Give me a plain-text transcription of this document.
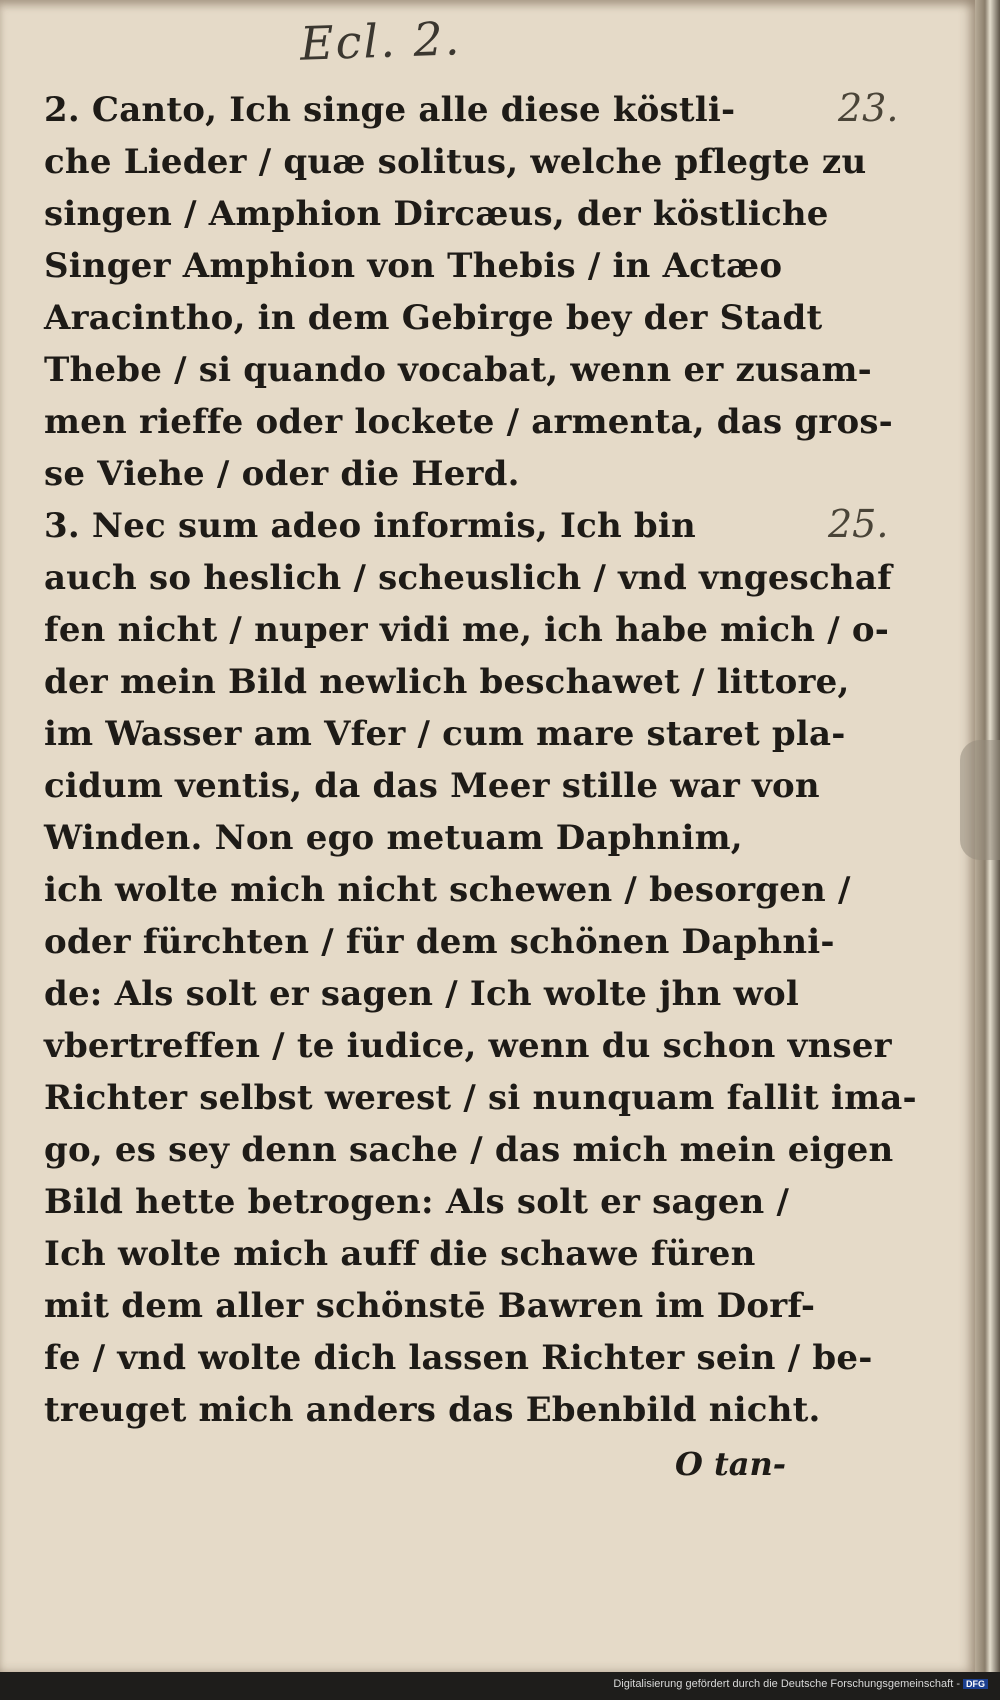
Ecl. 2.
23.
25.
2. Canto, Ich singe alle diese köstli-
che Lieder / quæ solitus, welche pflegte zu
singen / Amphion Dircæus, der köstliche
Singer Amphion von Thebis / in Actæo
Aracintho, in dem Gebirge bey der Stadt
Thebe / si quando vocabat, wenn er zusam-
men rieffe oder lockete / armenta, das gros-
se Viehe / oder die Herd.
3. Nec sum adeo informis, Ich bin
auch so heslich / scheuslich / vnd vngeschaf
fen nicht / nuper vidi me, ich habe mich / o-
der mein Bild newlich beschawet / littore,
im Wasser am Vfer / cum mare staret pla-
cidum ventis, da das Meer stille war von
Winden. Non ego metuam Daphnim,
ich wolte mich nicht schewen / besorgen /
oder fürchten / für dem schönen Daphni-
de: Als solt er sagen / Ich wolte jhn wol
vbertreffen / te iudice, wenn du schon vnser
Richter selbst werest / si nunquam fallit ima-
go, es sey denn sache / das mich mein eigen
Bild hette betrogen: Als solt er sagen /
Ich wolte mich auff die schawe füren
mit dem aller schönstē Bawren im Dorf-
fe / vnd wolte dich lassen Richter sein / be-
treuget mich anders das Ebenbild nicht.
O tan-
Digitalisierung gefördert durch die Deutsche Forschungsgemeinschaft - DFG
